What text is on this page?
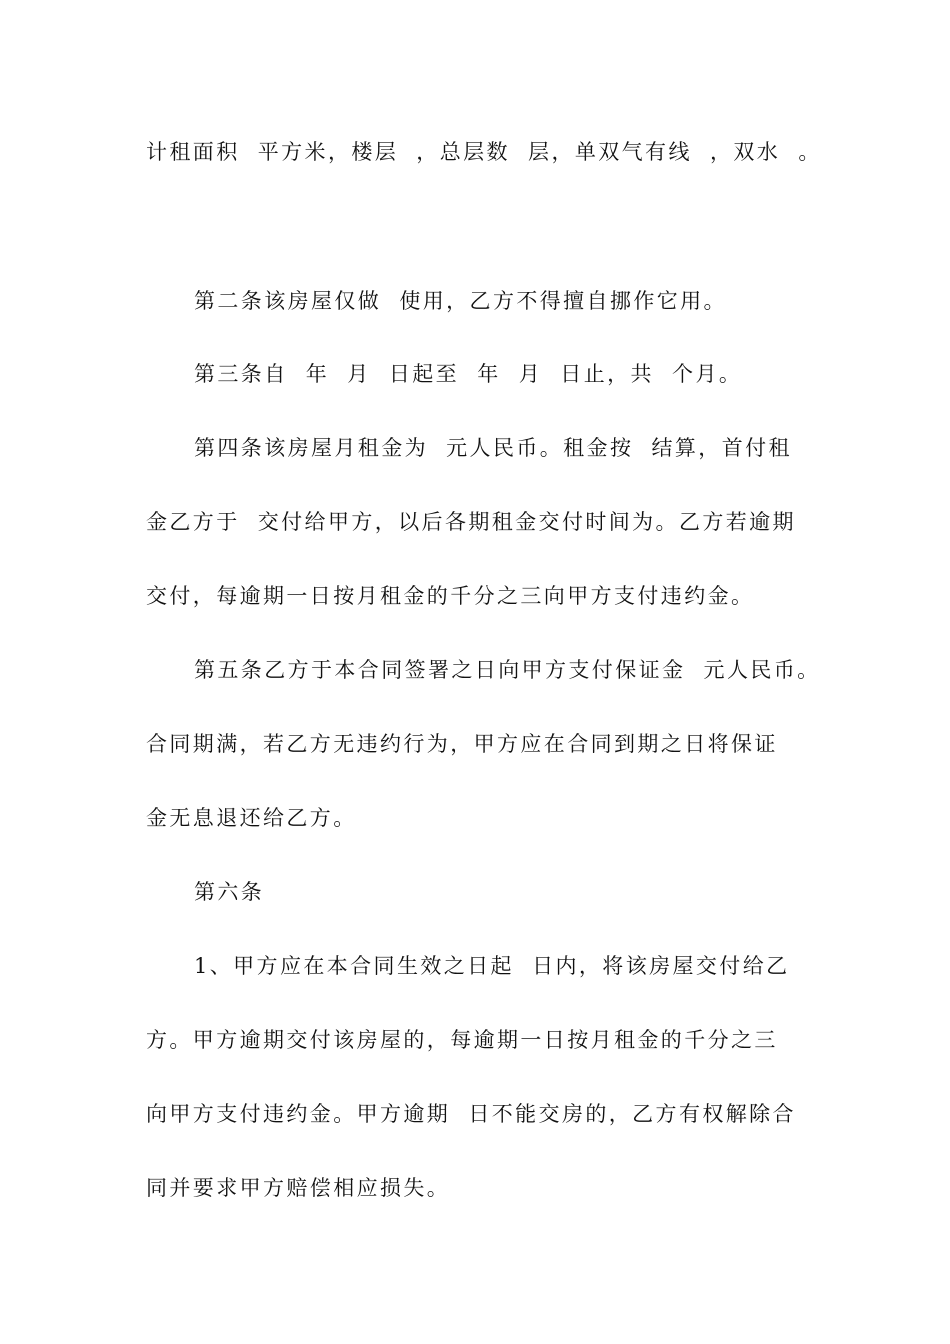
计租面积  平方米，楼层  ，总层数  层，单双气有线  ，双水  。

第二条该房屋仅做  使用，乙方不得擅自挪作它用。

第三条自  年  月  日起至  年  月  日止，共  个月。

第四条该房屋月租金为  元人民币。租金按  结算，首付租

金乙方于  交付给甲方，以后各期租金交付时间为。乙方若逾期

交付，每逾期一日按月租金的千分之三向甲方支付违约金。

第五条乙方于本合同签署之日向甲方支付保证金  元人民币。

合同期满，若乙方无违约行为，甲方应在合同到期之日将保证

金无息退还给乙方。

第六条

1、甲方应在本合同生效之日起  日内，将该房屋交付给乙

方。甲方逾期交付该房屋的，每逾期一日按月租金的千分之三

向甲方支付违约金。甲方逾期  日不能交房的，乙方有权解除合

同并要求甲方赔偿相应损失。
